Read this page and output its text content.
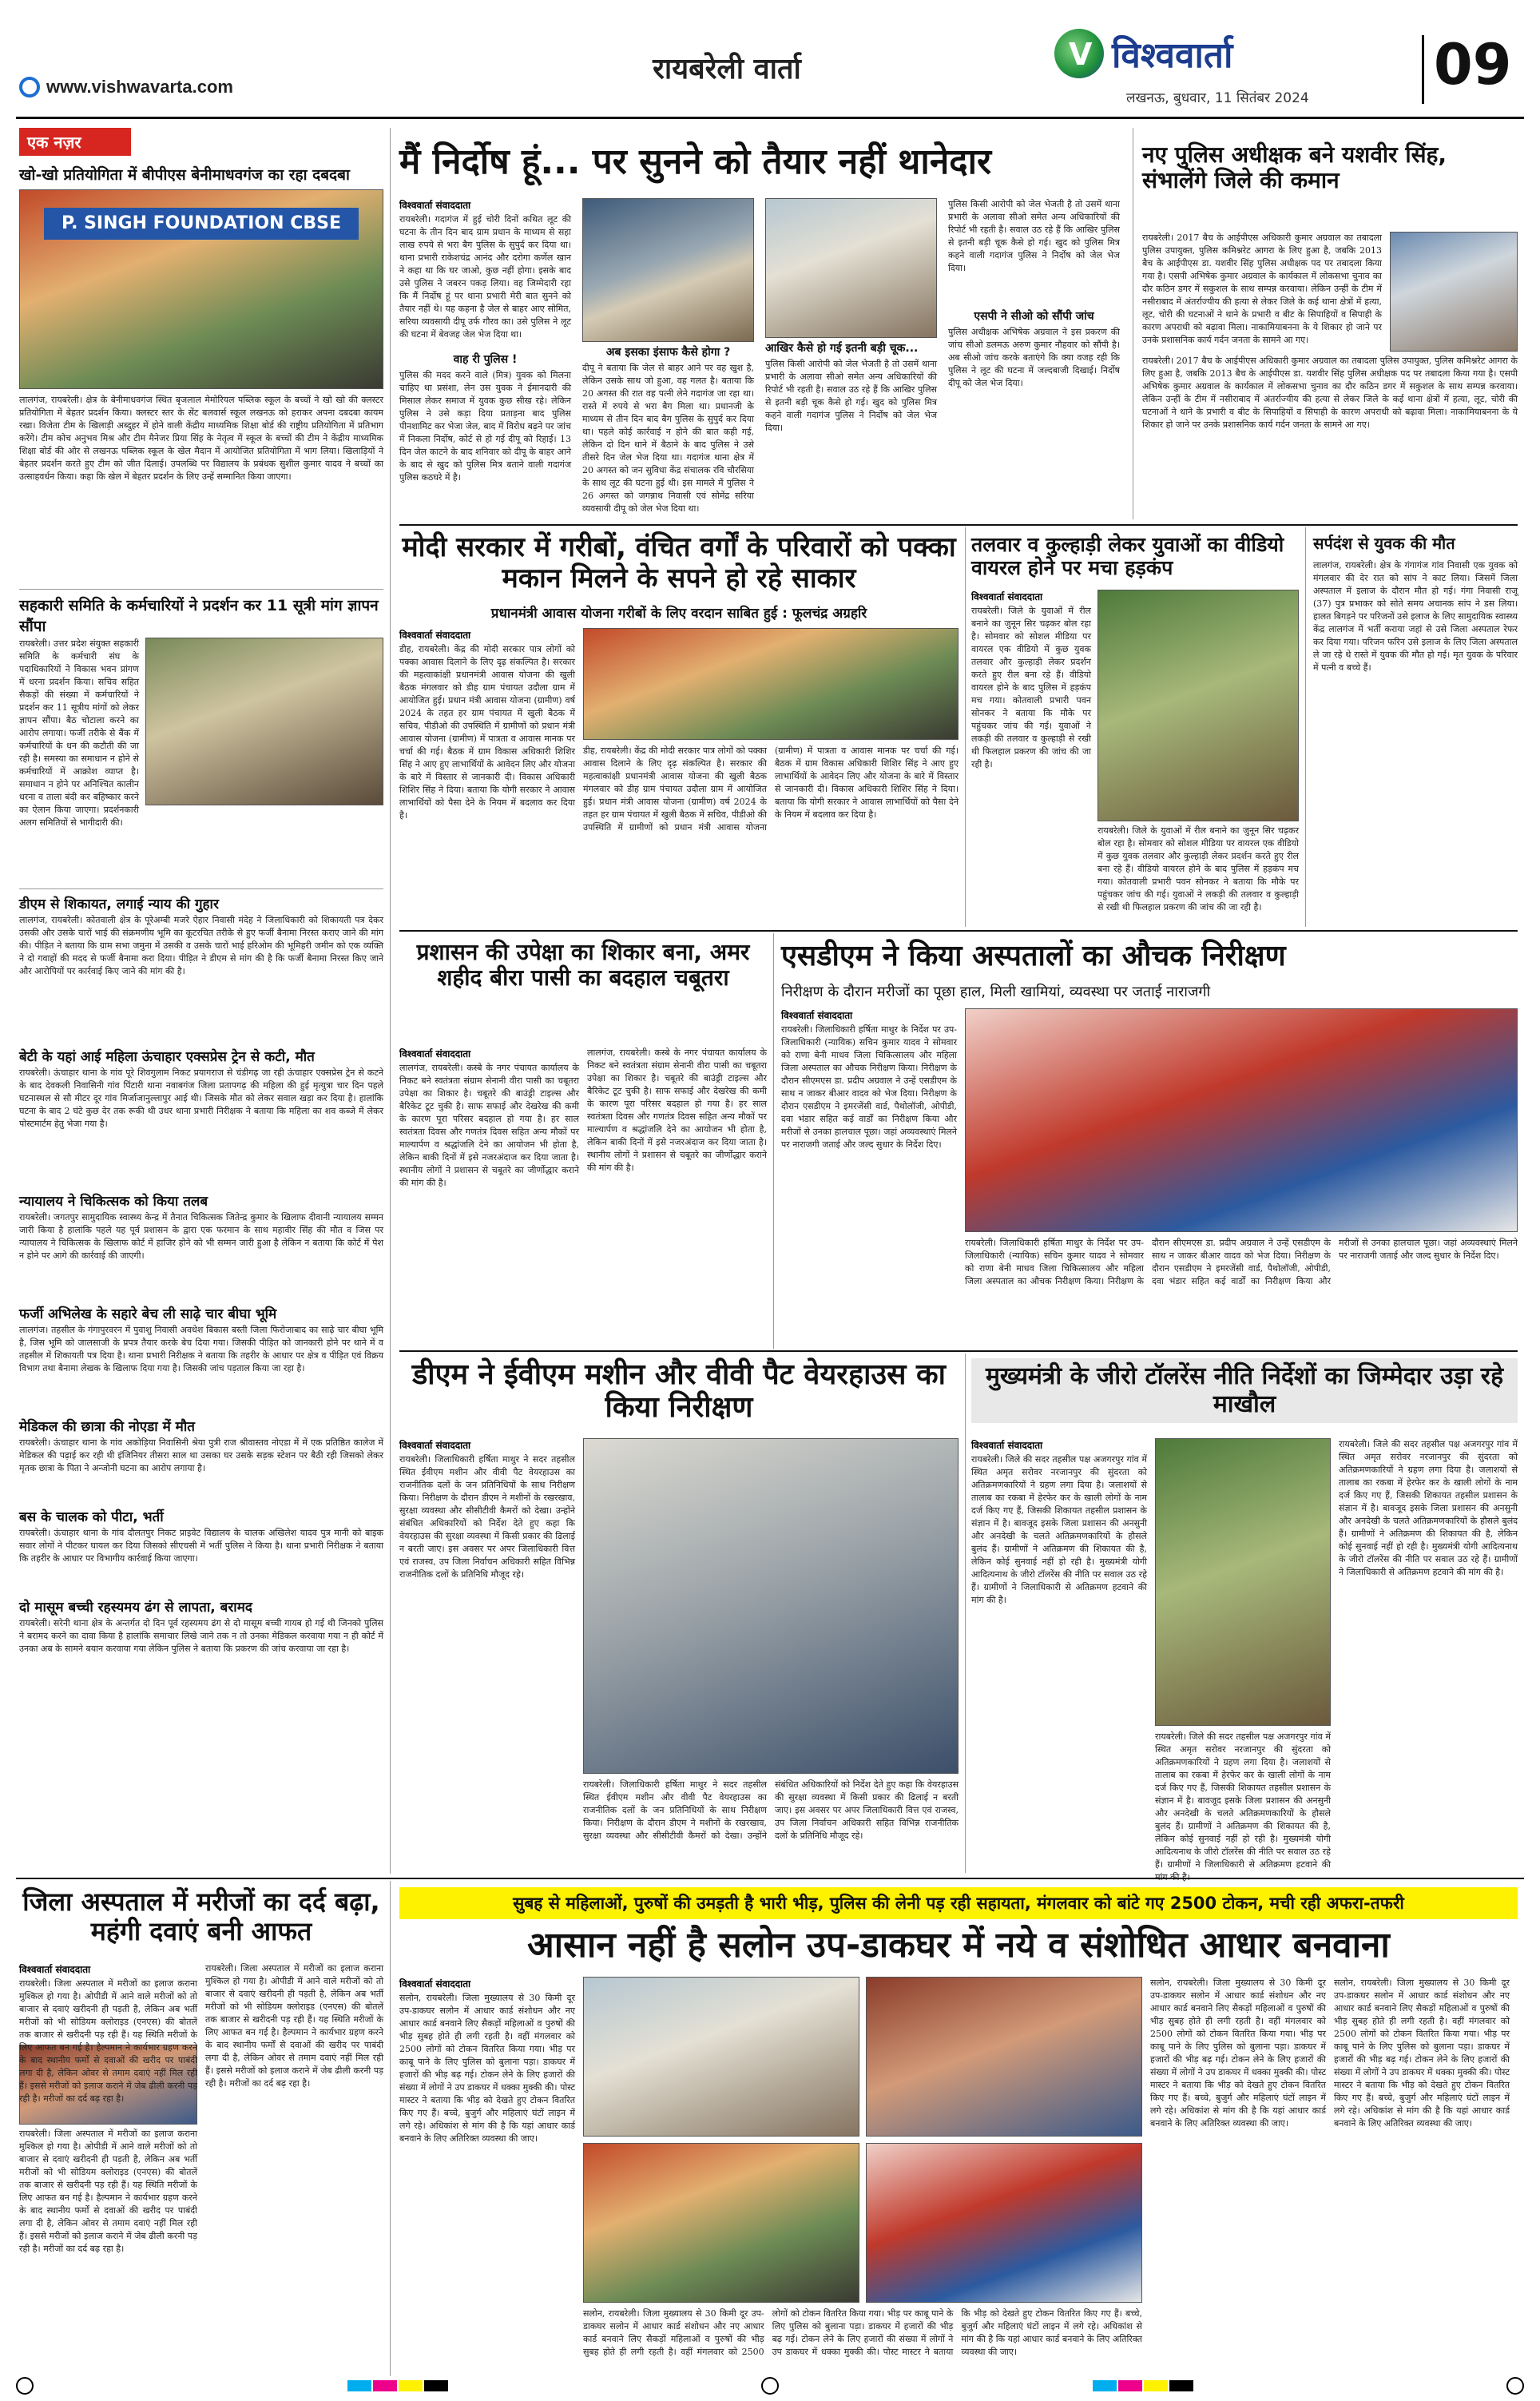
www.vishwavarta.com
रायबरेली वार्ता	V विश्ववार्ता
लखनऊ, बुधवार, 11 सितंबर 2024
09
एक नज़र
खो-खो प्रतियोगिता में बीपीएस बेनीमाधवगंज का रहा दबदबा
P. SINGH FOUNDATION CBSE
लालगंज, रायबरेली। क्षेत्र के बेनीमाधवगंज स्थित बृजलाल मेमोरियल पब्लिक स्कूल के बच्चों ने खो खो की क्लस्टर प्रतियोगिता में बेहतर प्रदर्शन किया। क्लस्टर स्तर के सेंट बलवार्स स्कूल लखनऊ को हराकर अपना दबदबा कायम रखा। विजेता टीम के खिलाड़ी अब्दुहर में होने वाली केंद्रीय माध्यमिक शिक्षा बोर्ड की राष्ट्रीय प्रतियोगिता में प्रतिभाग करेंगे। टीम कोच अनुभव मिश्र और टीम मैनेजर प्रिया सिंह के नेतृत्व में स्कूल के बच्चों की टीम ने केंद्रीय माध्यमिक शिक्षा बोर्ड की ओर से लखनऊ पब्लिक स्कूल के खेल मैदान में आयोजित प्रतियोगिता में भाग लिया। खिलाड़ियों ने बेहतर प्रदर्शन करते हुए टीम को जीत दिलाई। उपलब्धि पर विद्यालय के प्रबंधक सुशील कुमार यादव ने बच्चों का उत्साहवर्धन किया। कहा कि खेल में बेहतर प्रदर्शन के लिए उन्हें सम्मानित किया जाएगा।
सहकारी समिति के कर्मचारियों ने प्रदर्शन कर 11 सूत्री मांग ज्ञापन सौंपा
रायबरेली। उत्तर प्रदेश संयुक्त सहकारी समिति के कर्मचारी संघ के पदाधिकारियों ने विकास भवन प्रांगण में धरना प्रदर्शन किया। सचिव सहित सैकड़ों की संख्या में कर्मचारियों ने प्रदर्शन कर 11 सूत्रीय मांगों को लेकर ज्ञापन सौंपा। बैठ चोटाला करने का आरोप लगाया। फर्जी तरीके से बैंक में कर्मचारियों के धन की कटौती की जा रही है। समस्या का समाधान न होने से कर्मचारियों में आक्रोश व्याप्त है। समाधान न होने पर अनिश्चित कालीन धरना व ताला बंदी कर बहिष्कार करने का ऐलान किया जाएगा। प्रदर्शनकारी अलग समितियों से भागीदारी की।
डीएम से शिकायत, लगाई न्याय की गुहार
लालगंज, रायबरेली। कोतवाली क्षेत्र के पूरेअम्बी मजरे ऐहार निवासी मंदेह ने जिलाधिकारी को शिकायती पत्र देकर उसकी और उसके चारों भाई की संक्रमणीय भूमि का कूटरचित तरीके से हुए फर्जी बैनामा निरस्त कराए जाने की मांग की। पीड़ित ने बताया कि ग्राम सभा जमुना में उसकी व उसके चारों भाई हरिओम की भूमिहरी जमीन को एक व्यक्ति ने दो गवाहों की मदद से फर्जी बैनामा करा दिया। पीड़ित ने डीएम से मांग की है कि फर्जी बैनामा निरस्त किए जाने और आरोपियों पर कार्रवाई किए जाने की मांग की है।
बेटी के यहां आई महिला ऊंचाहार एक्सप्रेस ट्रेन से कटी, मौत
रायबरेली। ऊंचाहार थाना के गांव पूरे शिवगुलाम निकट प्रयागराज से चंडीगढ़ जा रही ऊंचाहार एक्सप्रेस ट्रेन से कटने के बाद देवकली निवासिनी गांव पिंटारी थाना नवाबगंज जिला प्रतापगढ़ की महिला की हुई मृत्युत्रा चार दिन पहले घटनास्थल से सौ मीटर दूर गांव मिर्जाजानुल्लापुर आई थी। जिसके मौत को लेकर सवाल खड़ा कर दिया है। हालांकि घटना के बाद 2 घंटे कुछ देर तक रूकी थी उधर थाना प्रभारी निरीक्षक ने बताया कि महिला का शव कब्जे में लेकर पोस्टमार्टम हेतु भेजा गया है।
न्यायालय ने चिकित्सक को किया तलब
रायबरेली। जगतपुर सामुदायिक स्वास्थ्य केन्द्र में तैनात चिकित्सक जितेन्द्र कुमार के खिलाफ दीवानी न्यायालय सम्मन जारी किया है हालांकि पहले यह पूर्व प्रशासन के द्वारा एक फरमान के साथ महावीर सिंह की मौत व जिस पर न्यायालय ने चिकित्सक के खिलाफ कोर्ट में हाजिर होने को भी सम्मन जारी हुआ है लेकिन न बताया कि कोर्ट में पेश न होने पर आगे की कार्रवाई की जाएगी।
फर्जी अभिलेख के सहारे बेच ली साढ़े चार बीघा भूमि
लालगंज। तहसील के गंगापुरवरन में पुवाशु निवासी अवधेश बिकास बस्ती जिला फिरोजाबाद का साढ़े चार बीघा भूमि है, जिस भूमि को जालसाजी के प्रपत्र तैयार करके बेच दिया गया। जिसकी पीड़ित को जानकारी होने पर थाने में व तहसील में शिकायती पत्र दिया है। थाना प्रभारी निरीक्षक ने बताया कि तहरीर के आधार पर क्षेत्र व पीड़ित एवं विक्रय विभाग तथा बैनामा लेखक के खिलाफ दिया गया है। जिसकी जांच पड़ताल किया जा रहा है।
मेडिकल की छात्रा की नोएडा में मौत
रायबरेली। ऊंचाहार थाना के गांव अकोड़िया निवासिनी श्रेया पुत्री राज श्रीवास्तव नोएडा में में एक प्रतिष्ठित कालेज में मेडिकल की पढ़ाई कर रही थी इंजिनियर तीसरा साल था उसका घर उसके सड़क स्टेशन पर बैठी रही जिसको लेकर मृतक छात्रा के पिता ने अन्जोनी घटना का आरोप लगाया है।
बस के चालक को पीटा, भर्ती
रायबरेली। ऊंचाहार थाना के गांव दौलतपुर निकट प्राइवेट विद्यालय के चालक अखिलेश यादव पुत्र मानी को बाइक सवार लोगों ने पीटकर घायल कर दिया जिसको सीएचसी में भर्ती पुलिस ने किया है। थाना प्रभारी निरीक्षक ने बताया कि तहरीर के आधार पर विभागीय कार्रवाई किया जाएगा।
दो मासूम बच्ची रहस्यमय ढंग से लापता, बरामद
रायबरेली। सरेनी थाना क्षेत्र के अन्तर्गत दो दिन पूर्व रहस्यमय ढंग से दो मासूम बच्ची गायब हो गई थी जिनको पुलिस ने बरामद करने का दावा किया है हालांकि समाचार लिखे जाने तक न तो उनका मेडिकल करवाया गया न ही कोर्ट में उनका अब के सामने बयान करवाया गया लेकिन पुलिस ने बताया कि प्रकरण की जांच करवाया जा रहा है।
मैं निर्दोष हूं... पर सुनने को तैयार नहीं थानेदार
विश्ववार्ता संवाददाता
रायबरेली। गदागंज में हुई चोरी दिनों कथित लूट की घटना के तीन दिन बाद ग्राम प्रधान के माध्यम से सहा लाख रुपये से भरा बैग पुलिस के सुपुर्द कर दिया था। थाना प्रभारी राकेशचंद्र आनंद और दरोगा कर्णेल खान ने कहा था कि घर जाओ, कुछ नहीं होगा। इसके बाद उसे पुलिस ने जबरन पकड़ लिया। वह जिम्मेदारी रहा कि मैं निर्दोष हूं पर थाना प्रभारी मेरी बात सुनने को तैयार नहीं थे। यह कहना है जेल से बाहर आए सोमित, सरिया व्यवसायी दीपू उर्फ गौरव का। उसे पुलिस ने लूट की घटना में बेवजह जेल भेज दिया था।
वाह री पुलिस !
पुलिस की मदद करने वाले (मित्र) युवक को मिलना चाहिए था प्रसंशा, लेन उस युवक ने ईमानदारी की मिसाल लेकर समाज में युवक कुछ सीख रहे। लेकिन पुलिस ने उसे कड़ा दिया प्रताड़ना बाद पुलिस पीनशामिट कर भेजा जेल, बाद में विरोध बढ़ने पर जांच में निकला निर्दोष, कोर्ट से हो गई दीपू को रिहाई। 13 दिन जेल काटने के बाद शनिवार को दीपू के बाहर आने के बाद से खुद को पुलिस मित्र बताने वाली गदागंज पुलिस कठघरे में है।
अब इसका इंसाफ कैसे होगा ?
दीपू ने बताया कि जेल से बाहर आने पर वह खुश है, लेकिन उसके साथ जो हुआ, वह गलत है। बताया कि 20 अगस्त की रात वह पत्नी लेने गदागंज जा रहा था। रास्ते में रुपये से भरा बैग मिला था। प्रधानजी के माध्यम से तीन दिन बाद बैग पुलिस के सुपुर्द कर दिया था। पहले कोई कार्रवाई न होने की बात कही गई, लेकिन दो दिन थाने में बैठाने के बाद पुलिस ने उसे तीसरे दिन जेल भेज दिया था। गदागंज थाना क्षेत्र में 20 अगस्त को जन सुविधा केंद्र संचालक रवि चौरसिया के साथ लूट की घटना हुई थी। इस मामले में पुलिस ने 26 अगस्त को जगन्नाथ निवासी एवं सोमेंद्र सरिया व्यवसायी दीपू को जेल भेज दिया था।
आखिर कैसे हो गई इतनी बड़ी चूक...
पुलिस किसी आरोपी को जेल भेजती है तो उसमें थाना प्रभारी के अलावा सीओ समेत अन्य अधिकारियों की रिपोर्ट भी रहती है। सवाल उठ रहे हैं कि आखिर पुलिस से इतनी बड़ी चूक कैसे हो गई। खुद को पुलिस मित्र कहने वाली गदागंज पुलिस ने निर्दोष को जेल भेज दिया।
पुलिस किसी आरोपी को जेल भेजती है तो उसमें थाना प्रभारी के अलावा सीओ समेत अन्य अधिकारियों की रिपोर्ट भी रहती है। सवाल उठ रहे हैं कि आखिर पुलिस से इतनी बड़ी चूक कैसे हो गई। खुद को पुलिस मित्र कहने वाली गदागंज पुलिस ने निर्दोष को जेल भेज दिया।
एसपी ने सीओ को सौंपी जांच
पुलिस अधीक्षक अभिषेक अग्रवाल ने इस प्रकरण की जांच सीओ डलमऊ अरुण कुमार नौहवार को सौंपी है। अब सीओ जांच करके बताएंगे कि क्या वजह रही कि पुलिस ने लूट की घटना में जल्दबाजी दिखाई। निर्दोष दीपू को जेल भेज दिया।
नए पुलिस अधीक्षक बने यशवीर सिंह, संभालेंगे जिले की कमान
रायबरेली। 2017 बैच के आईपीएस अधिकारी कुमार अग्रवाल का तबादला पुलिस उपायुक्त, पुलिस कमिश्नरेट आगरा के लिए हुआ है, जबकि 2013 बैच के आईपीएस डा. यशवीर सिंह पुलिस अधीक्षक पद पर तबादला किया गया है। एसपी अभिषेक कुमार अग्रवाल के कार्यकाल में लोकसभा चुनाव का दौर कठिन डगर में सकुशल के साथ सम्पन्न करवाया। लेकिन उन्हीं के टीम में नसीराबाद में अंतर्राज्यीय की हत्या से लेकर जिले के कई थाना क्षेत्रों में हत्या, लूट, चोरी की घटनाओं ने थाने के प्रभारी व बीट के सिपाहियों व सिपाही के कारण अपराधी को बढ़ावा मिला। नाकामियाबनना के ये शिकार हो जाने पर उनके प्रशासनिक कार्य गर्दन जनता के सामने आ गए।
रायबरेली। 2017 बैच के आईपीएस अधिकारी कुमार अग्रवाल का तबादला पुलिस उपायुक्त, पुलिस कमिश्नरेट आगरा के लिए हुआ है, जबकि 2013 बैच के आईपीएस डा. यशवीर सिंह पुलिस अधीक्षक पद पर तबादला किया गया है। एसपी अभिषेक कुमार अग्रवाल के कार्यकाल में लोकसभा चुनाव का दौर कठिन डगर में सकुशल के साथ सम्पन्न करवाया। लेकिन उन्हीं के टीम में नसीराबाद में अंतर्राज्यीय की हत्या से लेकर जिले के कई थाना क्षेत्रों में हत्या, लूट, चोरी की घटनाओं ने थाने के प्रभारी व बीट के सिपाहियों व सिपाही के कारण अपराधी को बढ़ावा मिला। नाकामियाबनना के ये शिकार हो जाने पर उनके प्रशासनिक कार्य गर्दन जनता के सामने आ गए।
मोदी सरकार में गरीबों, वंचित वर्गों के परिवारों को पक्का मकान मिलने के सपने हो रहे साकार
प्रधानमंत्री आवास योजना गरीबों के लिए वरदान साबित हुई : फूलचंद्र अग्रहरि
विश्ववार्ता संवाददाता
डीह, रायबरेली। केंद्र की मोदी सरकार पात्र लोगों को पक्का आवास दिलाने के लिए दृढ़ संकल्पित है। सरकार की महत्वाकांक्षी प्रधानमंत्री आवास योजना की खुली बैठक मंगलवार को डीह ग्राम पंचायत उदौला ग्राम में आयोजित हुई। प्रधान मंत्री आवास योजना (ग्रामीण) वर्ष 2024 के तहत हर ग्राम पंचायत में खुली बैठक में सचिव, पीडीओ की उपस्थिति में ग्रामीणों को प्रधान मंत्री आवास योजना (ग्रामीण) में पात्रता व आवास मानक पर चर्चा की गई। बैठक में ग्राम विकास अधिकारी शिशिर सिंह ने आए हुए लाभार्थियों के आवेदन लिए और योजना के बारे में विस्तार से जानकारी दी। विकास अधिकारी शिशिर सिंह ने दिया। बताया कि योगी सरकार ने आवास लाभार्थियों को पैसा देने के नियम में बदलाव कर दिया है।
डीह, रायबरेली। केंद्र की मोदी सरकार पात्र लोगों को पक्का आवास दिलाने के लिए दृढ़ संकल्पित है। सरकार की महत्वाकांक्षी प्रधानमंत्री आवास योजना की खुली बैठक मंगलवार को डीह ग्राम पंचायत उदौला ग्राम में आयोजित हुई। प्रधान मंत्री आवास योजना (ग्रामीण) वर्ष 2024 के तहत हर ग्राम पंचायत में खुली बैठक में सचिव, पीडीओ की उपस्थिति में ग्रामीणों को प्रधान मंत्री आवास योजना (ग्रामीण) में पात्रता व आवास मानक पर चर्चा की गई। बैठक में ग्राम विकास अधिकारी शिशिर सिंह ने आए हुए लाभार्थियों के आवेदन लिए और योजना के बारे में विस्तार से जानकारी दी। विकास अधिकारी शिशिर सिंह ने दिया। बताया कि योगी सरकार ने आवास लाभार्थियों को पैसा देने के नियम में बदलाव कर दिया है।
तलवार व कुल्हाड़ी लेकर युवाओं का वीडियो वायरल होने पर मचा हड़कंप
विश्ववार्ता संवाददाता
रायबरेली। जिले के युवाओं में रील बनाने का जुनून सिर चढ़कर बोल रहा है। सोमवार को सोशल मीडिया पर वायरल एक वीडियो में कुछ युवक तलवार और कुल्हाड़ी लेकर प्रदर्शन करते हुए रील बना रहे हैं। वीडियो वायरल होने के बाद पुलिस में हड़कंप मच गया। कोतवाली प्रभारी पवन सोनकर ने बताया कि मौके पर पहुंचकर जांच की गई। युवाओं ने लकड़ी की तलवार व कुल्हाड़ी से रखी थी फिलहाल प्रकरण की जांच की जा रही है।
रायबरेली। जिले के युवाओं में रील बनाने का जुनून सिर चढ़कर बोल रहा है। सोमवार को सोशल मीडिया पर वायरल एक वीडियो में कुछ युवक तलवार और कुल्हाड़ी लेकर प्रदर्शन करते हुए रील बना रहे हैं। वीडियो वायरल होने के बाद पुलिस में हड़कंप मच गया। कोतवाली प्रभारी पवन सोनकर ने बताया कि मौके पर पहुंचकर जांच की गई। युवाओं ने लकड़ी की तलवार व कुल्हाड़ी से रखी थी फिलहाल प्रकरण की जांच की जा रही है।
सर्पदंश से युवक की मौत
लालगंज, रायबरेली। क्षेत्र के गंगागंज गांव निवासी एक युवक को मंगलवार की देर रात को सांप ने काट लिया। जिसमें जिला अस्पताल में इलाज के दौरान मौत हो गई। गंगा निवासी राजू (37) पुत्र प्रभाकर को सोते समय अचानक सांप ने डस लिया। हालत बिगड़ने पर परिजनों उसे इलाज के लिए सामुदायिक स्वास्थ्य केंद्र लालगंज में भर्ती कराया जहां से उसे जिला अस्पताल रेफर कर दिया गया। परिजन फरिन उसे इलाज के लिए जिला अस्पताल ले जा रहे थे रास्ते में युवक की मौत हो गई। मृत युवक के परिवार में पत्नी व बच्चे हैं।
प्रशासन की उपेक्षा का शिकार बना, अमर शहीद बीरा पासी का बदहाल चबूतरा
विश्ववार्ता संवाददाता
लालगंज, रायबरेली। कस्बे के नगर पंचायत कार्यालय के निकट बने स्वतंत्रता संग्राम सेनानी वीरा पासी का चबूतरा उपेक्षा का शिकार है। चबूतरे की बाउंड्री टाइल्स और बैरिकेट टूट चुकी है। साफ सफाई और देखरेख की कमी के कारण पूरा परिसर बदहाल हो गया है। हर साल स्वतंत्रता दिवस और गणतंत्र दिवस सहित अन्य मौकों पर माल्यार्पण व श्रद्धांजलि देने का आयोजन भी होता है, लेकिन बाकी दिनों में इसे नजरअंदाज कर दिया जाता है। स्थानीय लोगों ने प्रशासन से चबूतरे का जीर्णोद्धार कराने की मांग की है।
लालगंज, रायबरेली। कस्बे के नगर पंचायत कार्यालय के निकट बने स्वतंत्रता संग्राम सेनानी वीरा पासी का चबूतरा उपेक्षा का शिकार है। चबूतरे की बाउंड्री टाइल्स और बैरिकेट टूट चुकी है। साफ सफाई और देखरेख की कमी के कारण पूरा परिसर बदहाल हो गया है। हर साल स्वतंत्रता दिवस और गणतंत्र दिवस सहित अन्य मौकों पर माल्यार्पण व श्रद्धांजलि देने का आयोजन भी होता है, लेकिन बाकी दिनों में इसे नजरअंदाज कर दिया जाता है। स्थानीय लोगों ने प्रशासन से चबूतरे का जीर्णोद्धार कराने की मांग की है।
एसडीएम ने किया अस्पतालों का औचक निरीक्षण
निरीक्षण के दौरान मरीजों का पूछा हाल, मिली खामियां, व्यवस्था पर जताई नाराजगी
विश्ववार्ता संवाददाता
रायबरेली। जिलाधिकारी हर्षिता माथुर के निर्देश पर उप-जिलाधिकारी (न्यायिक) सचिन कुमार यादव ने सोमवार को राणा बेनी माधव जिला चिकित्सालय और महिला जिला अस्पताल का औचक निरीक्षण किया। निरीक्षण के दौरान सीएमएस डा. प्रदीप अग्रवाल ने उन्हें एसडीएम के साथ न जाकर बीआर वादव को भेज दिया। निरीक्षण के दौरान एसडीएम ने इमरजेंसी वार्ड, पैथोलॉजी, ओपीडी, दवा भंडार सहित कई वार्डों का निरीक्षण किया और मरीजों से उनका हालचाल पूछा। जहां अव्यवस्थाएं मिलने पर नाराजगी जताई और जल्द सुधार के निर्देश दिए।
रायबरेली। जिलाधिकारी हर्षिता माथुर के निर्देश पर उप-जिलाधिकारी (न्यायिक) सचिन कुमार यादव ने सोमवार को राणा बेनी माधव जिला चिकित्सालय और महिला जिला अस्पताल का औचक निरीक्षण किया। निरीक्षण के दौरान सीएमएस डा. प्रदीप अग्रवाल ने उन्हें एसडीएम के साथ न जाकर बीआर वादव को भेज दिया। निरीक्षण के दौरान एसडीएम ने इमरजेंसी वार्ड, पैथोलॉजी, ओपीडी, दवा भंडार सहित कई वार्डों का निरीक्षण किया और मरीजों से उनका हालचाल पूछा। जहां अव्यवस्थाएं मिलने पर नाराजगी जताई और जल्द सुधार के निर्देश दिए।
डीएम ने ईवीएम मशीन और वीवी पैट वेयरहाउस का किया निरीक्षण
विश्ववार्ता संवाददाता
रायबरेली। जिलाधिकारी हर्षिता माथुर ने सदर तहसील स्थित ईवीएम मशीन और वीवी पैट वेयरहाउस का राजनीतिक दलों के जन प्रतिनिधियों के साथ निरीक्षण किया। निरीक्षण के दौरान डीएम ने मशीनों के रखरखाव, सुरक्षा व्यवस्था और सीसीटीवी कैमरों को देखा। उन्होंने संबंधित अधिकारियों को निर्देश देते हुए कहा कि वेयरहाउस की सुरक्षा व्यवस्था में किसी प्रकार की ढिलाई न बरती जाए। इस अवसर पर अपर जिलाधिकारी वित्त एवं राजस्व, उप जिला निर्वाचन अधिकारी सहित विभिन्न राजनीतिक दलों के प्रतिनिधि मौजूद रहे।
रायबरेली। जिलाधिकारी हर्षिता माथुर ने सदर तहसील स्थित ईवीएम मशीन और वीवी पैट वेयरहाउस का राजनीतिक दलों के जन प्रतिनिधियों के साथ निरीक्षण किया। निरीक्षण के दौरान डीएम ने मशीनों के रखरखाव, सुरक्षा व्यवस्था और सीसीटीवी कैमरों को देखा। उन्होंने संबंधित अधिकारियों को निर्देश देते हुए कहा कि वेयरहाउस की सुरक्षा व्यवस्था में किसी प्रकार की ढिलाई न बरती जाए। इस अवसर पर अपर जिलाधिकारी वित्त एवं राजस्व, उप जिला निर्वाचन अधिकारी सहित विभिन्न राजनीतिक दलों के प्रतिनिधि मौजूद रहे।
मुख्यमंत्री के जीरो टॉलरेंस नीति निर्देशों का जिम्मेदार उड़ा रहे माखौल
विश्ववार्ता संवाददाता
रायबरेली। जिले की सदर तहसील पक्ष अजगरपुर गांव में स्थित अमृत सरोवर नरजानपुर की सुंदरता को अतिक्रमणकारियों ने ग्रहण लगा दिया है। जलाशयों से तालाब का रकबा में हेरफेर कर के खाली लोगों के नाम दर्ज किए गए हैं, जिसकी शिकायत तहसील प्रशासन के संज्ञान में है। बावजूद इसके जिला प्रशासन की अनसुनी और अनदेखी के चलते अतिक्रमणकारियों के हौसले बुलंद हैं। ग्रामीणों ने अतिक्रमण की शिकायत की है, लेकिन कोई सुनवाई नहीं हो रही है। मुख्यमंत्री योगी आदित्यनाथ के जीरो टॉलरेंस की नीति पर सवाल उठ रहे हैं। ग्रामीणों ने जिलाधिकारी से अतिक्रमण हटवाने की मांग की है।
रायबरेली। जिले की सदर तहसील पक्ष अजगरपुर गांव में स्थित अमृत सरोवर नरजानपुर की सुंदरता को अतिक्रमणकारियों ने ग्रहण लगा दिया है। जलाशयों से तालाब का रकबा में हेरफेर कर के खाली लोगों के नाम दर्ज किए गए हैं, जिसकी शिकायत तहसील प्रशासन के संज्ञान में है। बावजूद इसके जिला प्रशासन की अनसुनी और अनदेखी के चलते अतिक्रमणकारियों के हौसले बुलंद हैं। ग्रामीणों ने अतिक्रमण की शिकायत की है, लेकिन कोई सुनवाई नहीं हो रही है। मुख्यमंत्री योगी आदित्यनाथ के जीरो टॉलरेंस की नीति पर सवाल उठ रहे हैं। ग्रामीणों ने जिलाधिकारी से अतिक्रमण हटवाने की
रायबरेली। जिले की सदर तहसील पक्ष अजगरपुर गांव में स्थित अमृत सरोवर नरजानपुर की सुंदरता को अतिक्रमणकारियों ने ग्रहण लगा दिया है। जलाशयों से तालाब का रकबा में हेरफेर कर के खाली लोगों के नाम दर्ज किए गए हैं, जिसकी शिकायत तहसील प्रशासन के संज्ञान में है। बावजूद इसके जिला प्रशासन की अनसुनी और अनदेखी के चलते अतिक्रमणकारियों के हौसले बुलंद हैं। ग्रामीणों ने अतिक्रमण की शिकायत की है, लेकिन कोई सुनवाई नहीं हो रही है। मुख्यमंत्री योगी आदित्यनाथ के जीरो टॉलरेंस की नीति पर सवाल उठ रहे हैं। ग्रामीणों ने जिलाधिकारी से अतिक्रमण हटवाने की मांग की है।
जिला अस्पताल में मरीजों का दर्द बढ़ा, महंगी दवाएं बनी आफत
विश्ववार्ता संवाददाता
रायबरेली। जिला अस्पताल में मरीजों का इलाज कराना मुश्किल हो गया है। ओपीडी में आने वाले मरीजों को तो बाजार से दवाएं खरीदनी ही पड़ती है, लेकिन अब भर्ती मरीजों को भी सोडियम क्लोराइड (एनएस) की बोतलें तक बाजार से खरीदनी पड़ रही हैं। यह स्थिति मरीजों के लिए आफत बन गई है। हैल्पमान ने कार्यभार ग्रहण करने के बाद स्थानीय फर्मों से दवाओं की खरीद पर पाबंदी लगा दी है, लेकिन ओवर से तमाम दवाएं नहीं मिल रही हैं। इससे मरीजों को इलाज कराने में जेब ढीली करनी पड़ रही है। मरीजों का दर्द बढ़ रहा है।
रायबरेली। जिला अस्पताल में मरीजों का इलाज कराना मुश्किल हो गया है। ओपीडी में आने वाले मरीजों को तो बाजार से दवाएं खरीदनी ही पड़ती है, लेकिन अब भर्ती मरीजों को भी सोडियम क्लोराइड (एनएस) की बोतलें तक बाजार से खरीदनी पड़ रही हैं। यह स्थिति मरीजों के लिए आफत बन गई है। हैल्पमान ने कार्यभार ग्रहण करने के बाद स्थानीय फर्मों से दवाओं की खरीद पर पाबंदी लगा दी है, लेकिन ओवर से तमाम दवाएं नहीं मिल रही हैं। इससे मरीजों को इलाज कराने में जेब ढीली करनी पड़ रही है। मरीजों का दर्द बढ़ रहा है।
रायबरेली। जिला अस्पताल में मरीजों का इलाज कराना मुश्किल हो गया है। ओपीडी में आने वाले मरीजों को तो बाजार से दवाएं खरीदनी ही पड़ती है, लेकिन अब भर्ती मरीजों को भी सोडियम क्लोराइड (एनएस) की बोतलें तक बाजार से खरीदनी पड़ रही हैं। यह स्थिति मरीजों के लिए आफत बन गई है। हैल्पमान ने कार्यभार ग्रहण करने के बाद स्थानीय फर्मों से दवाओं की खरीद पर पाबंदी लगा दी है, लेकिन ओवर से तमाम दवाएं नहीं मिल रही हैं। इससे मरीजों को इलाज कराने में जेब ढीली करनी पड़ रही है। मरीजों का दर्द बढ़ रहा है।
सुबह से महिलाओं, पुरुषों की उमड़ती है भारी भीड़, पुलिस की लेनी पड़ रही सहायता, मंगलवार को बांटे गए 2500 टोकन, मची रही अफरा-तफरी
आसान नहीं है सलोन उप-डाकघर में नये व संशोधित आधार बनवाना
विश्ववार्ता संवाददाता
सलोन, रायबरेली। जिला मुख्यालय से 30 किमी दूर उप-डाकघर सलोन में आधार कार्ड संशोधन और नए आधार कार्ड बनवाने लिए सैकड़ों महिलाओं व पुरुषों की भीड़ सुबह होते ही लगी रहती है। वहीं मंगलवार को 2500 लोगों को टोकन वितरित किया गया। भीड़ पर काबू पाने के लिए पुलिस को बुलाना पड़ा। डाकघर में हजारों की भीड़ बढ़ गई। टोकन लेने के लिए हजारों की संख्या में लोगों ने उप डाकघर में धक्का मुक्की की। पोस्ट मास्टर ने बताया कि भीड़ को देखते हुए टोकन वितरित किए गए हैं। बच्चे, बुजुर्ग और महिलाएं घंटों लाइन में लगे रहे। अधिकांश से मांग की है कि यहां आधार कार्ड बनवाने के लिए अतिरिक्त व्यवस्था की जाए।
सलोन, रायबरेली। जिला मुख्यालय से 30 किमी दूर उप-डाकघर सलोन में आधार कार्ड संशोधन और नए आधार कार्ड बनवाने लिए सैकड़ों महिलाओं व पुरुषों की भीड़ सुबह होते ही लगी रहती है। वहीं मंगलवार को 2500 लोगों को टोकन वितरित किया गया। भीड़ पर काबू पाने के लिए पुलिस को बुलाना पड़ा। डाकघर में हजारों की भीड़ बढ़ गई। टोकन लेने के लिए हजारों की संख्या में लोगों ने उप डाकघर में धक्का मुक्की की। पोस्ट मास्टर ने बताया कि भीड़ को देखते हुए टोकन वितरित किए गए हैं। बच्चे, बुजुर्ग और महिलाएं घंटों लाइन में लगे रहे। अधिकांश से मांग की है कि यहां आधार कार्ड बनवाने के लिए अतिरिक्त व्यवस्था की जाए।
सलोन, रायबरेली। जिला मुख्यालय से 30 किमी दूर उप-डाकघर सलोन में आधार कार्ड संशोधन और नए आधार कार्ड बनवाने लिए सैकड़ों महिलाओं व पुरुषों की भीड़ सुबह होते ही लगी रहती है। वहीं मंगलवार को 2500 लोगों को टोकन वितरित किया गया। भीड़ पर काबू पाने के लिए पुलिस को बुलाना पड़ा। डाकघर में हजारों की भीड़ बढ़ गई। टोकन लेने के लिए हजारों की संख्या में लोगों ने उप डाकघर में धक्का मुक्की की। पोस्ट मास्टर ने बताया कि भीड़ को देखते हुए टोकन वितरित किए गए हैं। बच्चे, बुजुर्ग और महिलाएं घंटों लाइन में लगे रहे। अधिकांश से मांग की है कि यहां आधार कार्ड बनवाने के लिए अतिरिक्त व्यवस्था की जाए।
सलोन, रायबरेली। जिला मुख्यालय से 30 किमी दूर उप-डाकघर सलोन में आधार कार्ड संशोधन और नए आधार कार्ड बनवाने लिए सैकड़ों महिलाओं व पुरुषों की भीड़ सुबह होते ही लगी रहती है। वहीं मंगलवार को 2500 लोगों को टोकन वितरित किया गया। भीड़ पर काबू पाने के लिए पुलिस को बुलाना पड़ा। डाकघर में हजारों की भीड़ बढ़ गई। टोकन लेने के लिए हजारों की संख्या में लोगों ने उप डाकघर में धक्का मुक्की की। पोस्ट मास्टर ने बताया कि भीड़ को देखते हुए टोकन वितरित किए गए हैं। बच्चे, बुजुर्ग और महिलाएं घंटों लाइन में लगे रहे। अधिकांश से मांग की है कि यहां आधार कार्ड बनवाने के लिए अतिरिक्त व्यवस्था की जाए।
